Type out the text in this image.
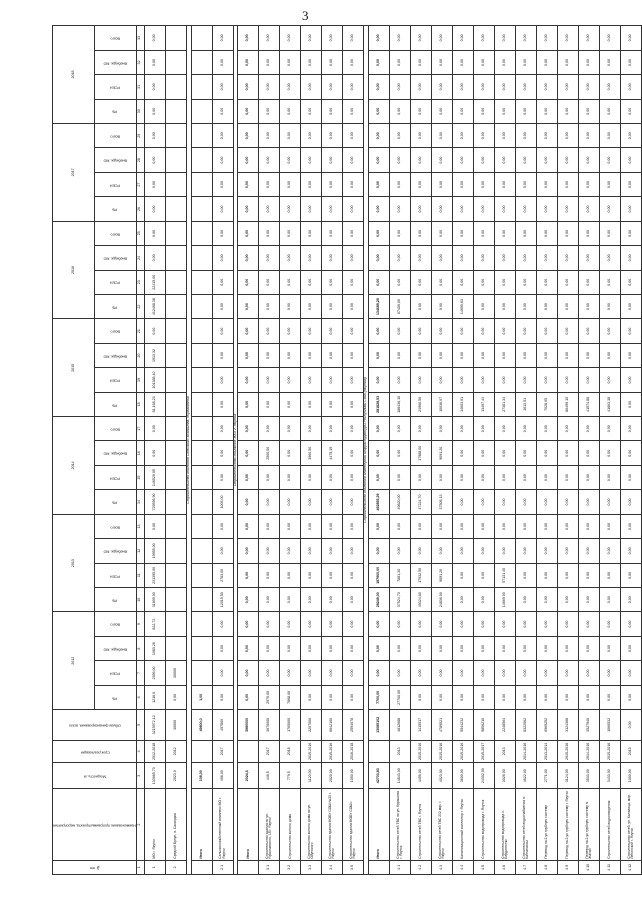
3
№ п/п	Наименование программы/проекта, мероприятия	Мощность, м	Срок реализации	Объем финансирования, всего	2012				2013				2014				2015				2016				2017				2018			
					РБ	РСЕН	Внебюдж. МО	Всего	РБ	РСЕН	Внебюдж. МО	Всего	РБ	РСЕН	Внебюдж. МО	Всего	РБ	РСЕН	Внебюдж. МО	Всего	РБ	РСЕН	Внебюдж. МО	Всего	РБ	РСЕН	Внебюдж. МО	Всего	РБ	РСЕН	Внебюдж. МО	Всего
1	2	3	4	5	6	7	8	9	10	11	12	13	14	15	16	17	18	19	20	21	22	23	24	25	26	27	28	29	30	31	32	33
1	МО г. Якутск	133665,73	2012-2018	3215972,12	1216,0	2356,00	1083,26	822,72	31809,00	231395,00	19955,00	0,00	729595,90	146520,05	0,00	0,00	81,168,23	101388,40	1913,32	0,00	412468,38	22415,00	0,00	0,00	0,00	0,00	0,00	0,00	0,00	0,00	0,00	0,00
2	Средний Булун, п. Саханджа	2023,0	2012	30000	0,00	30000																										
Строительство объектов Сельского хозяйства, образования																																
	Итого	108,00		49800,0	1,00																											
2.1	Сельскохозяйственный комплекс МО г. Якутск	498,00	2017	497800	0,00	0,00	0,00	0,00	12015,50	2783,00	0,00	0,00	1005,00	0,00	0,00	0,00	0,00	0,00	0,00	0,00	0,00	0,00	0,00	0,00	0,00	0,00	0,00	0,00	0,00	0,00	0,00	0,00
Строительство объектов ЖКХ г. Якутск																																
	Итого	2024,6		3980000	0,00	0,00	0,00	0,00	0,00	0,00	0,00	0,00	0,00	0,00	0,00	0,00	0,00	0,00	0,00	0,00	0,00	0,00	0,00	0,00	0,00	0,00	0,00	0,00	0,00	0,00	0,00	0,00
3.1	Строительство здания по ул. Ярославского, 14 г. Якутск	446,5	2017	3670000	2970,00	0,00	0,00	0,00	0,00	0,00	0,00	0,00	0,00	0,00	2500,00	0,00	0,00	0,00	0,00	0,00	0,00	0,00	0,00	0,00	0,00	0,00	0,00	0,00	0,00	0,00	0,00	0,00
3.2	Строительство жилого дома	779,5	2018	1765000	7868,00	0,00	0,00	0,00	0,00	0,00	0,00	0,00	0,00	0,00	0,00	0,00	0,00	0,00	0,00	0,00	0,00	0,00	0,00	0,00	0,00	0,00	0,00	0,00	0,00	0,00	0,00	0,00
3.3	Строительство жилого дома по ул. Ойунского	1120,00	2015-2016	2207000	0,00	0,00	0,00	0,00	0,00	0,00	0,00	0,00	0,00	0,00	3960,50	0,00	0,00	0,00	0,00	0,00	0,00	0,00	0,00	0,00	0,00	0,00	0,00	0,00	0,00	0,00	0,00	0,00
3.4	Строительство здания МОБУ СОШ №33 г. Якутск	2020,00	2015-2016	6642100	0,00	0,00	0,00	0,00	0,00	0,00	0,00	0,00	0,00	0,00	4475,19	0,00	0,00	0,00	0,00	0,00	0,00	0,00	0,00	0,00	0,00	0,00	0,00	0,00	0,00	0,00	0,00	0,00
3.5	Строительство здания МОБУ СОШ г. Якутск	1050,00	2016-2018	2594078	0,00	0,00	0,00	0,00	0,00	0,00	0,00	0,00	0,00	0,00	0,00	0,00	0,00	0,00	0,00	0,00	0,00	0,00	0,00	0,00	0,00	0,00	0,00	0,00	0,00	0,00	0,00	0,00
Строительство объектов инженерной инфраструктуры Республики Саха (Якутия)																																
	Итого	42703,83		13085102	7700,00	0,00	0,00	0,00	28249,00	187960,00	0,00	0,00	492855,29	0,00	0,00	0,00	281828,53	0,00	0,00	0,00	134689,29	0,00	0,00	0,00	0,00	0,00	0,00	0,00	0,00	0,00	0,00	0,00
4.1	Строительство сетей ТВС по ул. Курашова г. Якутск	14843,00	2013	4812688	27700,00	0,00	0,00	0,00	37524,70	7881,30	0,00	0,00	49820,00	0,00	0,00	0,00	188436,10	0,00	0,00	0,00	67400,00	0,00	0,00	0,00	0,00	0,00	0,00	0,00	0,00	0,00	0,00	0,00
4.2	Строительство сетей ТВС г. Якутск	4456,00	2015-2016	1415517	0,00	0,00	0,00	0,00	49324,60	17932,50	0,00	0,00	47224,70	0,00	17988,00	0,00	24966,56	0,00	0,00	0,00	0,00	0,00	0,00	0,00	0,00	0,00	0,00	0,00	0,00	0,00	0,00	0,00
4.3	Строительство сетей ТВС 202 мкр. г. Якутск	4023,00	2015-2016	4789521	0,00	0,00	0,00	0,00	24836,00	9091,20	0,00	0,00	37508,13	0,00	9091,20	0,00	10036,07	0,00	0,00	0,00	0,00	0,00	0,00	0,00	0,00	0,00	0,00	0,00	0,00	0,00	0,00	0,00
4.4	Канализационный коллектор г. Якутск	3600,00	2015-2016	5544232	0,00	0,00	0,00	0,00	0,00	0,00	0,00	0,00	0,00	0,00	0,00	0,00	14603,01	0,00	0,00	0,00	14690,63	0,00	0,00	0,00	0,00	0,00	0,00	0,00	0,00	0,00	0,00	0,00
4.5	Строительство водопровода г. Якутск	24302,00	2015-2017	9856210	0,00	0,00	0,00	0,00	0,00	0,00	0,00	0,00	0,00	0,00	0,00	0,00	13497,44	0,00	0,00	0,00	0,00	0,00	0,00	0,00	0,00	0,00	0,00	0,00	0,00	0,00	0,00	0,00
4.6	Строительство водопровода с. Бердигестях	3026,00	2013	2248564	0,00	0,00	0,00	0,00	14669,00	57131,40	0,00	0,00	0,00	0,00	0,00	0,00	27381,34	0,00	0,00	0,00	0,00	0,00	0,00	0,00	0,00	0,00	0,00	0,00	0,00	0,00	0,00	0,00
4.7	Строительство сетей водоснабжения п. Кангалассы	4622,00	2014-2016	8322562	0,00	0,00	0,00	0,00	0,00	0,00	0,00	0,00	0,00	0,00	0,00	0,00	1613,51	0,00	0,00	0,00	0,00	0,00	0,00	0,00	0,00	0,00	0,00	0,00	0,00	0,00	0,00	0,00
4.8	Перевод на 2-ух трубную систему	2771,00	2013-2014	6969252	0,00	0,00	0,00	0,00	0,00	0,00	0,00	0,00	0,00	0,00	0,00	0,00	7028,05	0,00	0,00	0,00	0,00	0,00	0,00	0,00	0,00	0,00	0,00	0,00	0,00	0,00	0,00	0,00
4.9	Перевод на 2-ух трубную систему г. Якутск	3124,00	2015-2016	3124368	0,00	0,00	0,00	0,00	0,00	0,00	0,00	0,00	0,00	0,00	0,00	0,00	86499,15	0,00	0,00	0,00	0,00	0,00	0,00	0,00	0,00	0,00	0,00	0,00	0,00	0,00	0,00	0,00
4.10	Перевод на 2-ух трубную систему п. Жатай	3533,00	2014-2016	3527940	0,00	0,00	0,00	0,00	0,00	0,00	0,00	0,00	0,00	0,00	0,00	0,00	41574,88	0,00	0,00	0,00	0,00	0,00	0,00	0,00	0,00	0,00	0,00	0,00	0,00	0,00	0,00	0,00
4.11	Строительство сетей водоотведения	3433,00	2015-2016	1060532	0,00	0,00	0,00	0,00	0,00	0,00	0,00	0,00	0,00	0,00	0,00	0,00	41663,38	0,00	0,00	0,00	0,00	0,00	0,00	0,00	0,00	0,00	0,00	0,00	0,00	0,00	0,00	0,00
4.12	Строительство сетей, ул. Кальвица, мкр. Ленинский г. Якутск	1000,00	2015	0,00	0,00	0,00	0,00	0,00	0,00	0,00	0,00	0,00	0,00	0,00	0,00	0,00	0,00	0,00	0,00	0,00	0,00	0,00	0,00	0,00	0,00	0,00	0,00	0,00	0,00	0,00	0,00	0,00
